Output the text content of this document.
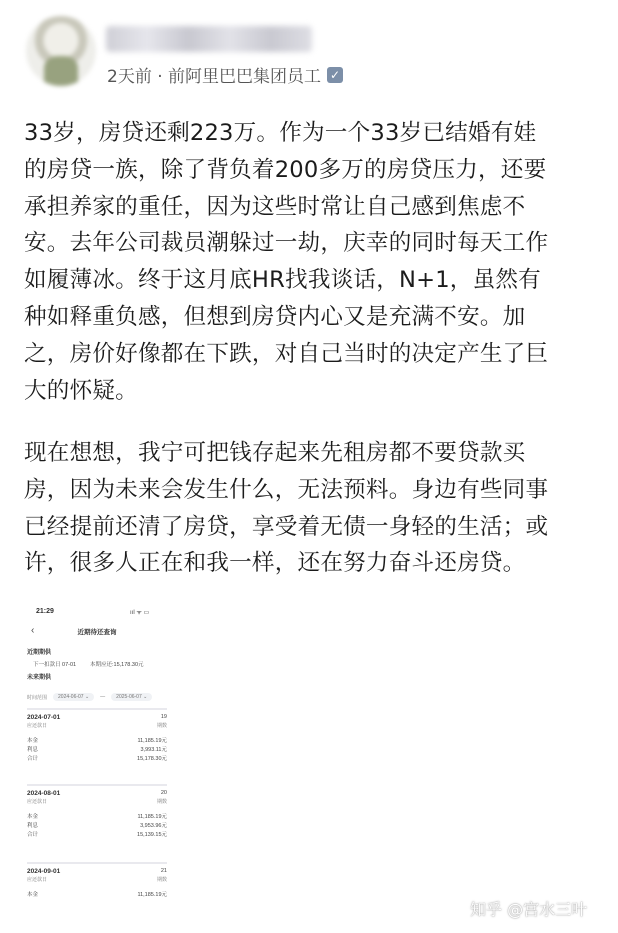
2天前 · 前阿里巴巴集团员工 ✓
33岁，房贷还剩223万。作为一个33岁已结婚有娃
的房贷一族，除了背负着200多万的房贷压力，还要
承担养家的重任，因为这些时常让自己感到焦虑不
安。去年公司裁员潮躲过一劫，庆幸的同时每天工作
如履薄冰。终于这月底HR找我谈话，N+1，虽然有
种如释重负感，但想到房贷内心又是充满不安。加
之，房价好像都在下跌，对自己当时的决定产生了巨
大的怀疑。
现在想想，我宁可把钱存起来先租房都不要贷款买
房，因为未来会发生什么，无法预料。身边有些同事
已经提前还清了房贷，享受着无债一身轻的生活；或
许，很多人正在和我一样，还在努力奋斗还房贷。
21:29	ııl ᯤ ▭
‹	近期待还查询
近期期供
下一扣款日 07-01	本期应还:15,178.30元
未来期供
时间范围	2024-06-07 ⌄	—	2025-06-07 ⌄
2024-07-01	19
应还款日	期数
本金	11,185.19元
利息	3,993.11元
合计	15,178.30元
2024-08-01	20
应还款日	期数
本金	11,185.19元
利息	3,953.96元
合计	15,139.15元
2024-09-01	21
应还款日	期数
本金	11,185.19元
知乎 @宫水三叶
